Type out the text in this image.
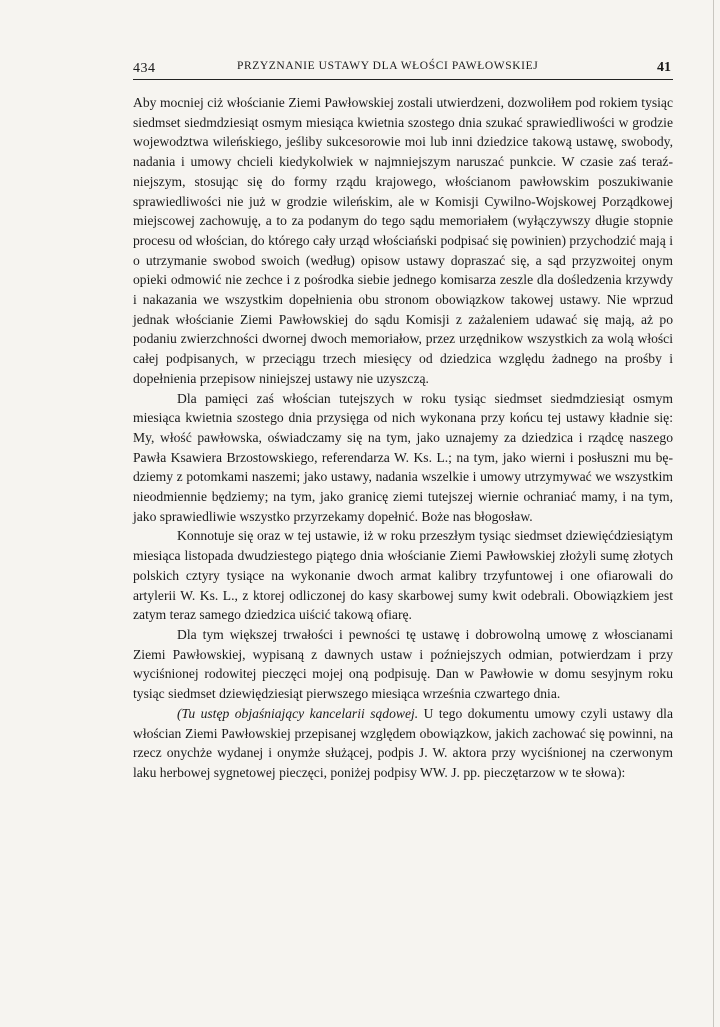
434	PRZYZNANIE USTAWY DLA WŁOŚCI PAWŁOWSKIEJ	41

Aby mocniej ciż włościanie Ziemi Pawłowskiej zostali utwierdzeni, dozwoliłem pod rokiem tysiąc siedmset siedmdziesiąt osmym miesiąca kwietnia szostego dnia szukać sprawiedliwości w grodzie wojewodztwa wileńskiego, jeśliby sukcesorowie moi lub inni dziedzice takową ustawę, swobody, nadania i umowy chcieli kiedykolwiek w najmniejszym naruszać punkcie. W czasie zaś teraźniejszym, stosując się do formy rządu krajowego, włościanom pawłowskim poszukiwanie sprawiedliwości nie już w grodzie wileńskim, ale w Komisji Cywilno-Wojskowej Porządkowej miejscowej zachowuję, a to za podanym do tego sądu memoriałem (wyłączywszy długie stopnie procesu od włościan, do którego cały urząd włościański podpisać się powinien) przychodzić mają i o utrzymanie swobod swoich (według) opisow ustawy dopraszać się, a sąd przyzwoitej onym opieki odmowić nie zechce i z pośrodka siebie jednego komisarza zeszle dla dośledzenia krzywdy i nakazania we wszystkim dopełnienia obu stronom obowiązkow takowej ustawy. Nie wprzud jednak włościanie Ziemi Pawłowskiej do sądu Komisji z zażaleniem udawać się mają, aż po podaniu zwierzchności dwornej dwoch memoriałow, przez urzędnikow wszystkich za wolą włości całej podpisanych, w przeciągu trzech miesięcy od dziedzica względu żadnego na prośby i dopełnienia przepisow niniejszej ustawy nie uzyszczą.

Dla pamięci zaś włościan tutejszych w roku tysiąc siedmset siedmdziesiąt osmym miesiąca kwietnia szostego dnia przysięga od nich wykonana przy końcu tej ustawy kładnie się: My, włość pawłowska, oświadczamy się na tym, jako uznajemy za dziedzica i rządcę naszego Pawła Ksawiera Brzostowskiego, referendarza W. Ks. L.; na tym, jako wierni i posłuszni mu będziemy z potomkami naszemi; jako ustawy, nadania wszelkie i umowy utrzymywać we wszystkim nieodmiennie będziemy; na tym, jako granicę ziemi tutejszej wiernie ochraniać mamy, i na tym, jako sprawiedliwie wszystko przyrzekamy dopełnić. Boże nas błogosław.

Konnotuje się oraz w tej ustawie, iż w roku przeszłym tysiąc siedmset dziewięćdziesiątym miesiąca listopada dwudziestego piątego dnia włościanie Ziemi Pawłowskiej złożyli sumę złotych polskich cztyry tysiące na wykonanie dwoch armat kalibry trzyfuntowej i one ofiarowali do artylerii W. Ks. L., z ktorej odliczonej do kasy skarbowej sumy kwit odebrali. Obowiązkiem jest zatym teraz samego dziedzica uiścić takową ofiarę.

Dla tym większej trwałości i pewności tę ustawę i dobrowolną umowę z włoscianami Ziemi Pawłowskiej, wypisaną z dawnych ustaw i poźniejszych odmian, potwierdzam i przy wyciśnionej rodowitej pieczęci mojej oną podpisuję. Dan w Pawłowie w domu sesyjnym roku tysiąc siedmset dziewiędziesiąt pierwszego miesiąca września czwartego dnia.

(Tu ustęp objaśniający kancelarii sądowej. U tego dokumentu umowy czyli ustawy dla włościan Ziemi Pawłowskiej przepisanej względem obowiązkow, jakich zachować się powinni, na rzecz onychże wydanej i onymże służącej, podpis J. W. aktora przy wyciśnionej na czerwonym laku herbowej sygnetowej pieczęci, poniżej podpisy WW. J. pp. pieczętarzow w te słowa):
